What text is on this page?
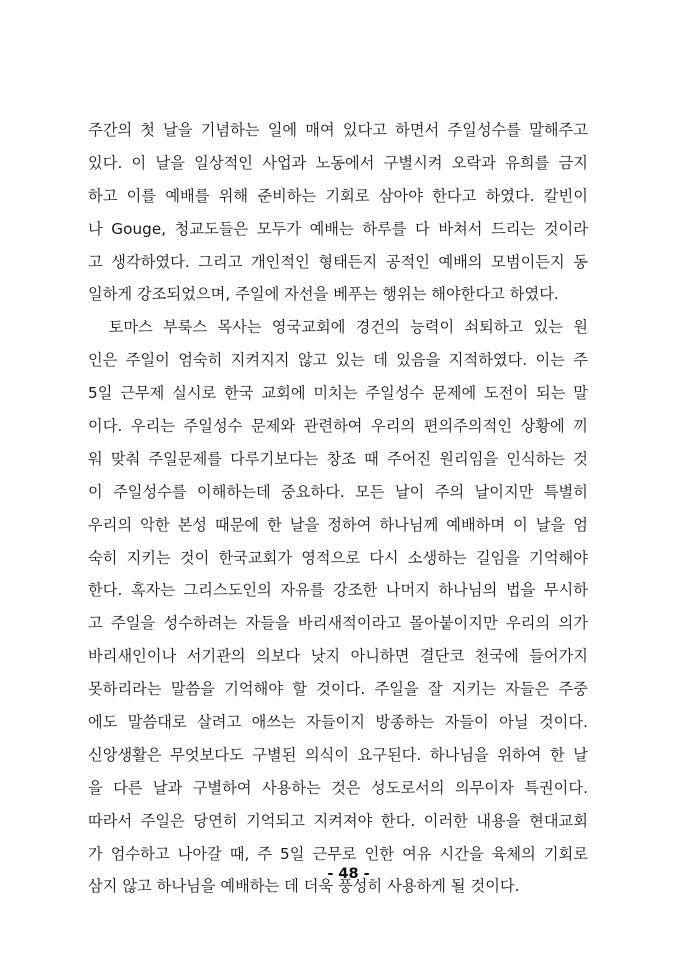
주간의 첫 날을 기념하는 일에 매여 있다고 하면서 주일성수를 말해주고
있다. 이 날을 일상적인 사업과 노동에서 구별시켜 오락과 유희를 금지
하고 이를 예배를 위해 준비하는 기회로 삼아야 한다고 하였다. 칼빈이
나 Gouge, 청교도들은 모두가 예배는 하루를 다 바쳐서 드리는 것이라
고 생각하였다. 그리고 개인적인 형태든지 공적인 예배의 모범이든지 동
일하게 강조되었으며, 주일에 자선을 베푸는 행위는 해야한다고 하였다.
　토마스 부룩스 목사는 영국교회에 경건의 능력이 쇠퇴하고 있는 원
인은 주일이 엄숙히 지켜지지 않고 있는 데 있음을 지적하였다. 이는 주
5일 근무제 실시로 한국 교회에 미치는 주일성수 문제에 도전이 되는 말
이다. 우리는 주일성수 문제와 관련하여 우리의 편의주의적인 상황에 끼
워 맞춰 주일문제를 다루기보다는 창조 때 주어진 원리임을 인식하는 것
이 주일성수를 이해하는데 중요하다. 모든 날이 주의 날이지만 특별히
우리의 악한 본성 때문에 한 날을 정하여 하나님께 예배하며 이 날을 엄
숙히 지키는 것이 한국교회가 영적으로 다시 소생하는 길임을 기억해야
한다. 혹자는 그리스도인의 자유를 강조한 나머지 하나님의 법을 무시하
고 주일을 성수하려는 자들을 바리새적이라고 몰아붙이지만 우리의 의가
바리새인이나 서기관의 의보다 낫지 아니하면 결단코 천국에 들어가지
못하리라는 말씀을 기억해야 할 것이다. 주일을 잘 지키는 자들은 주중
에도 말씀대로 살려고 애쓰는 자들이지 방종하는 자들이 아닐 것이다.
신앙생활은 무엇보다도 구별된 의식이 요구된다. 하나님을 위하여 한 날
을 다른 날과 구별하여 사용하는 것은 성도로서의 의무이자 특권이다.
따라서 주일은 당연히 기억되고 지켜져야 한다. 이러한 내용을 현대교회
가 엄수하고 나아갈 때, 주 5일 근무로 인한 여유 시간을 육체의 기회로
삼지 않고 하나님을 예배하는 데 더욱 풍성히 사용하게 될 것이다.
- 48 -
